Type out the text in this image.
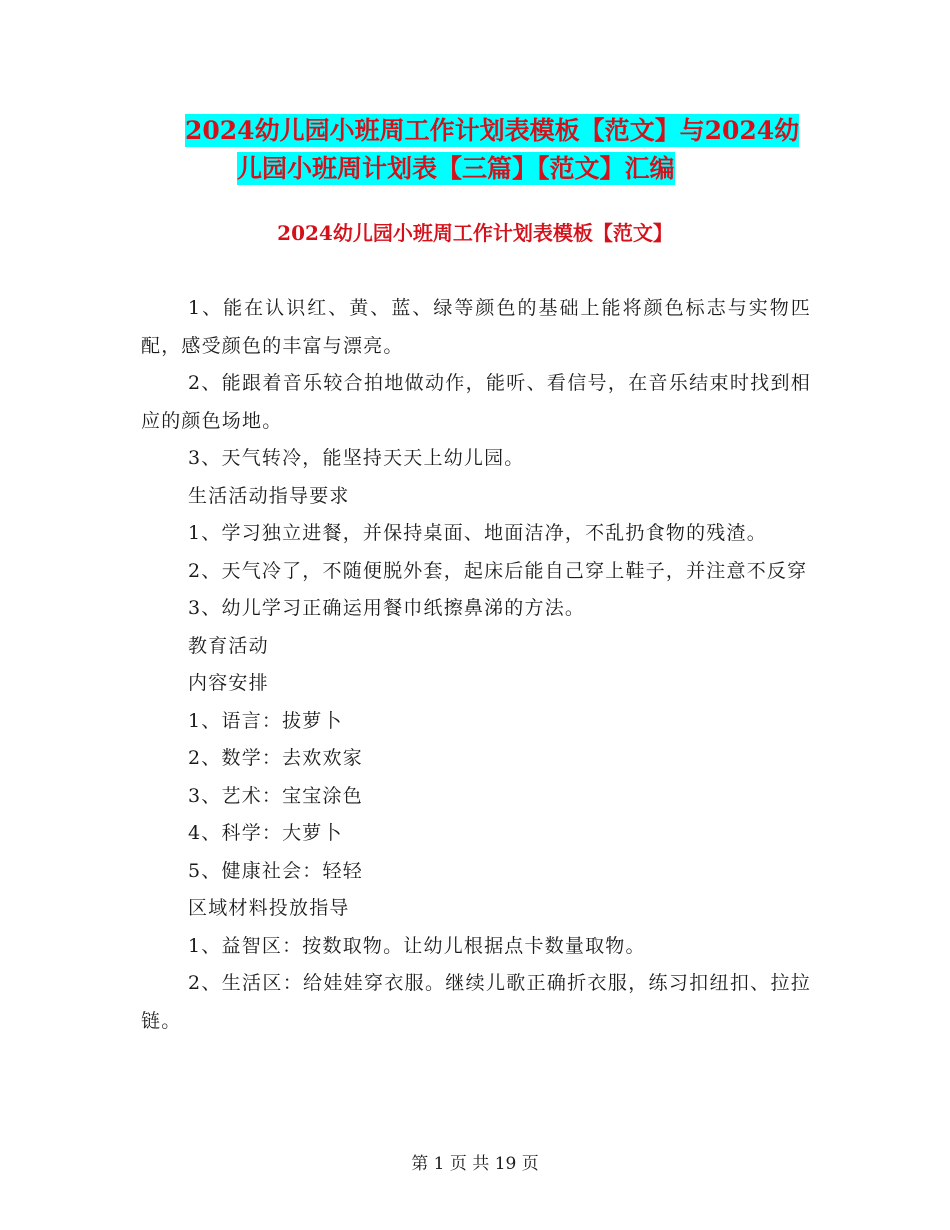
2024幼儿园小班周工作计划表模板【范文】与2024幼
儿园小班周计划表【三篇】【范文】汇编
2024幼儿园小班周工作计划表模板【范文】

1、能在认识红、黄、蓝、绿等颜色的基础上能将颜色标志与实物匹配，感受颜色的丰富与漂亮。

2、能跟着音乐较合拍地做动作，能听、看信号，在音乐结束时找到相应的颜色场地。

3、天气转冷，能坚持天天上幼儿园。

生活活动指导要求

1、学习独立进餐，并保持桌面、地面洁净，不乱扔食物的残渣。

2、天气冷了，不随便脱外套，起床后能自己穿上鞋子，并注意不反穿

3、幼儿学习正确运用餐巾纸擦鼻涕的方法。

教育活动

内容安排

1、语言：拔萝卜

2、数学：去欢欢家

3、艺术：宝宝涂色

4、科学：大萝卜

5、健康社会：轻轻

区域材料投放指导

1、益智区：按数取物。让幼儿根据点卡数量取物。

2、生活区：给娃娃穿衣服。继续儿歌正确折衣服，练习扣纽扣、拉拉链。

第 1 页 共 19 页
